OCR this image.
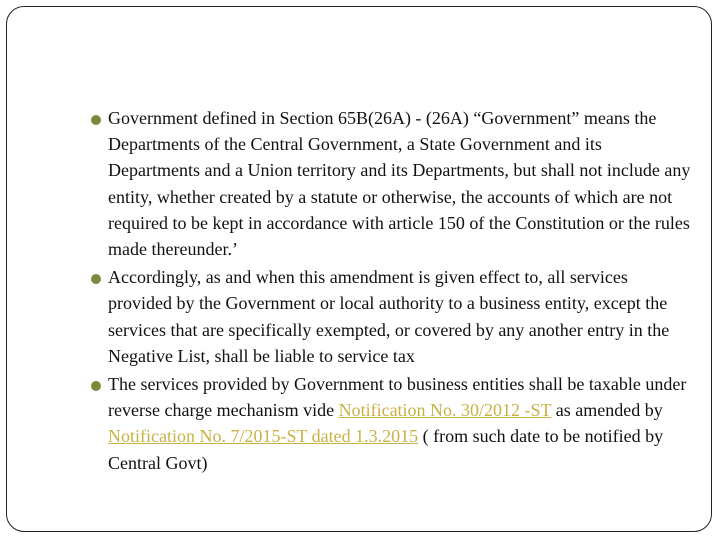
Government defined in Section 65B(26A) - (26A) “Government” means the Departments of the Central Government, a State Government and its Departments and a Union territory and its Departments, but shall not include any entity, whether created by a statute or otherwise, the accounts of which are not required to be kept in accordance with article 150 of the Constitution or the rules made thereunder.’
Accordingly, as and when this amendment is given effect to, all services provided by the Government or local authority to a business entity, except the services that are specifically exempted, or covered by any another entry in the Negative List, shall be liable to service tax
The services provided by Government to business entities shall be taxable under reverse charge mechanism vide Notification No. 30/2012 -ST as amended by Notification No. 7/2015-ST dated 1.3.2015 ( from such date to be notified by Central Govt)
